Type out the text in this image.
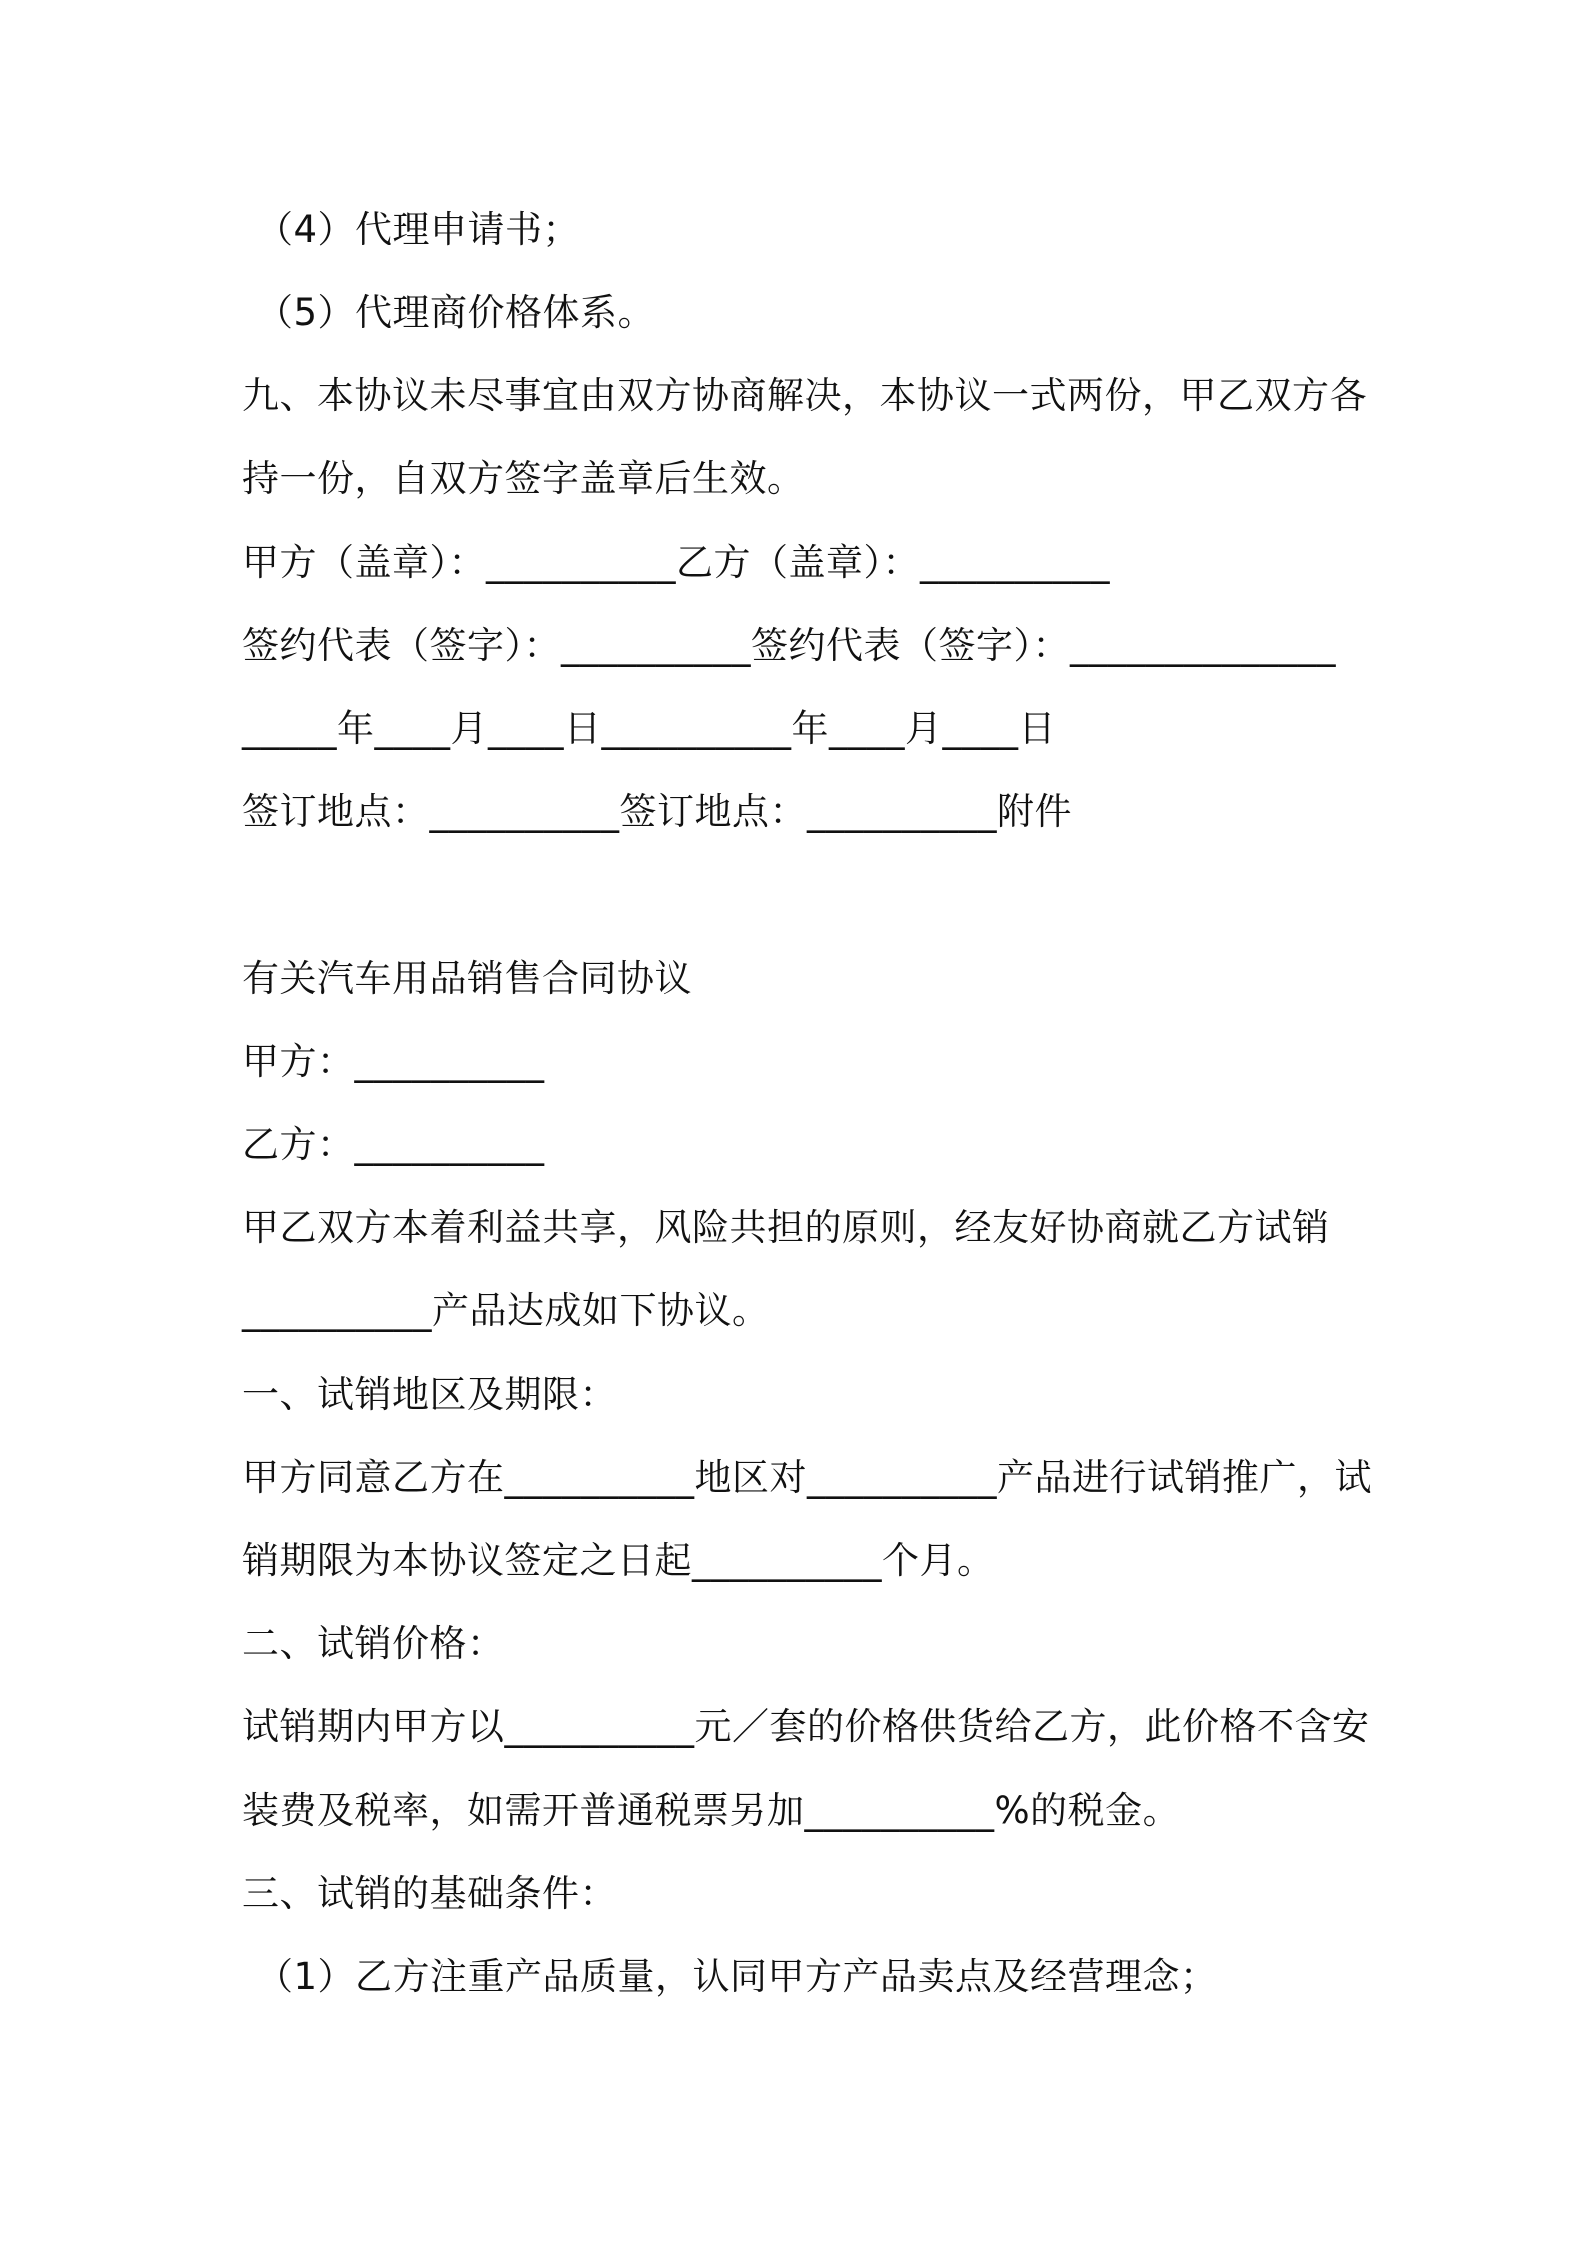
（4）代理申请书；
（5）代理商价格体系。
九、本协议未尽事宜由双方协商解决，本协议一式两份，甲乙双方各
持一份，自双方签字盖章后生效。
甲方（盖章）：__________乙方（盖章）：__________
签约代表（签字）：__________签约代表（签字）：______________
_____年____月____日__________年____月____日
签订地点：__________签订地点：__________附件
有关汽车用品销售合同协议
甲方：__________
乙方：__________
甲乙双方本着利益共享，风险共担的原则，经友好协商就乙方试销
__________产品达成如下协议。
一、试销地区及期限：
甲方同意乙方在__________地区对__________产品进行试销推广，试
销期限为本协议签定之日起__________个月。
二、试销价格：
试销期内甲方以__________元／套的价格供货给乙方，此价格不含安
装费及税率，如需开普通税票另加__________%的税金。
三、试销的基础条件：
（1）乙方注重产品质量，认同甲方产品卖点及经营理念；
